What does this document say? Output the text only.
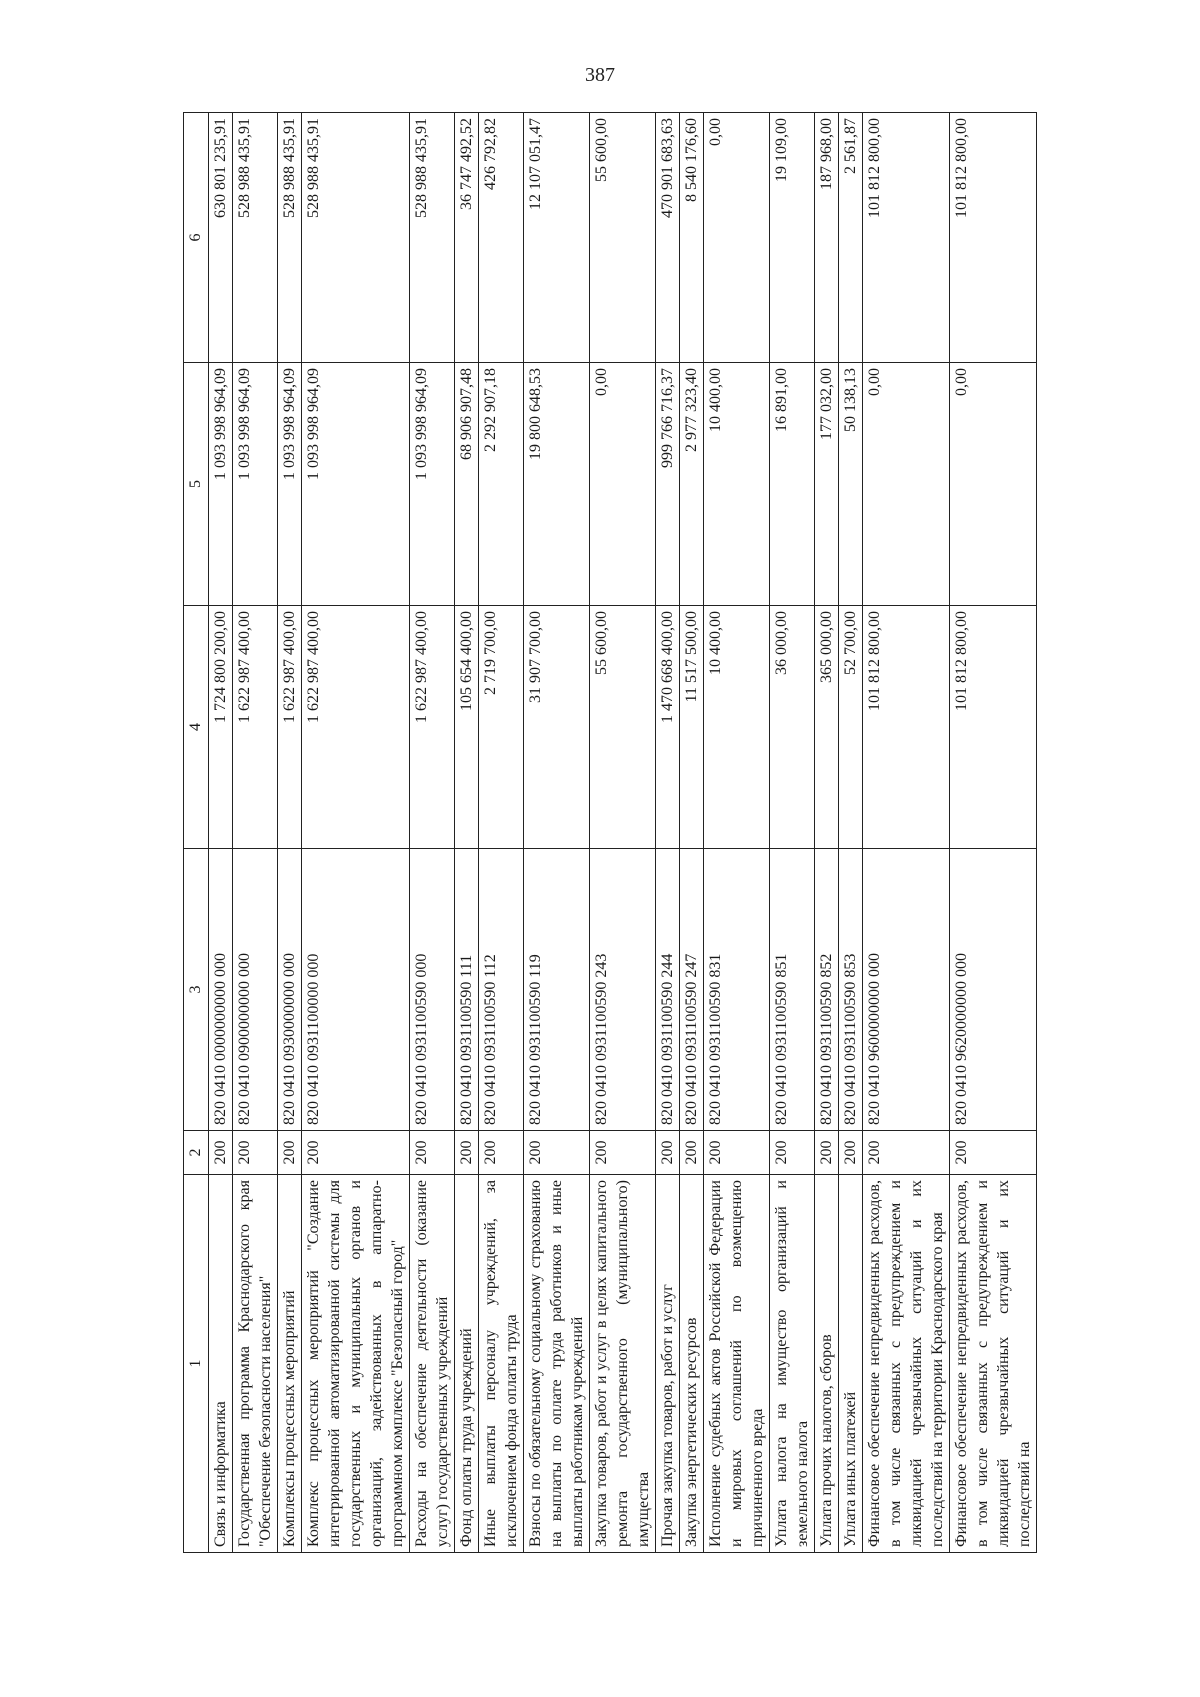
387
1	2	3	4	5	6
Связь и информатика	200	820 0410 0000000000 000	1 724 800 200,00	1 093 998 964,09	630 801 235,91
Государственная программа Краснодарского края "Обеспечение безопасности населения"	200	820 0410 0900000000 000	1 622 987 400,00	1 093 998 964,09	528 988 435,91
Комплексы процессных мероприятий	200	820 0410 0930000000 000	1 622 987 400,00	1 093 998 964,09	528 988 435,91
Комплекс процессных мероприятий "Создание интегрированной автоматизированной системы для государственных и муниципальных органов и организаций, задействованных в аппаратно-программном комплексе "Безопасный город"	200	820 0410 0931100000 000	1 622 987 400,00	1 093 998 964,09	528 988 435,91
Расходы на обеспечение деятельности (оказание услуг) государственных учреждений	200	820 0410 0931100590 000	1 622 987 400,00	1 093 998 964,09	528 988 435,91
Фонд оплаты труда учреждений	200	820 0410 0931100590 111	105 654 400,00	68 906 907,48	36 747 492,52
Иные выплаты персоналу учреждений, за исключением фонда оплаты труда	200	820 0410 0931100590 112	2 719 700,00	2 292 907,18	426 792,82
Взносы по обязательному социальному страхованию на выплаты по оплате труда работников и иные выплаты работникам учреждений	200	820 0410 0931100590 119	31 907 700,00	19 800 648,53	12 107 051,47
Закупка товаров, работ и услуг в целях капитального ремонта государственного (муниципального) имущества	200	820 0410 0931100590 243	55 600,00	0,00	55 600,00
Прочая закупка товаров, работ и услуг	200	820 0410 0931100590 244	1 470 668 400,00	999 766 716,37	470 901 683,63
Закупка энергетических ресурсов	200	820 0410 0931100590 247	11 517 500,00	2 977 323,40	8 540 176,60
Исполнение судебных актов Российской Федерации и мировых соглашений по возмещению причиненного вреда	200	820 0410 0931100590 831	10 400,00	10 400,00	0,00
Уплата налога на имущество организаций и земельного налога	200	820 0410 0931100590 851	36 000,00	16 891,00	19 109,00
Уплата прочих налогов, сборов	200	820 0410 0931100590 852	365 000,00	177 032,00	187 968,00
Уплата иных платежей	200	820 0410 0931100590 853	52 700,00	50 138,13	2 561,87
Финансовое обеспечение непредвиденных расходов, в том числе связанных с предупреждением и ликвидацией чрезвычайных ситуаций и их последствий на территории Краснодарского края	200	820 0410 9600000000 000	101 812 800,00	0,00	101 812 800,00
Финансовое обеспечение непредвиденных расходов, в том числе связанных с предупреждением и ликвидацией чрезвычайных ситуаций и их последствий на	200	820 0410 9620000000 000	101 812 800,00	0,00	101 812 800,00
